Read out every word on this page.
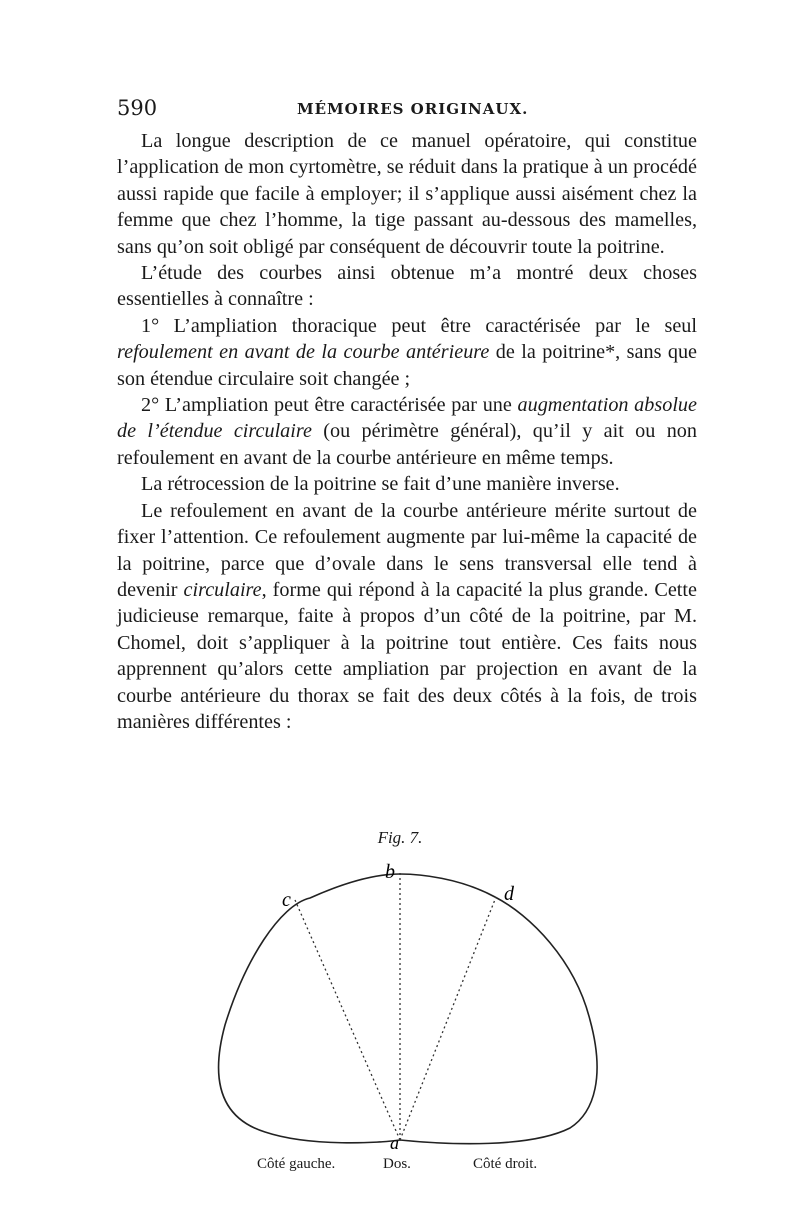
590	MÉMOIRES ORIGINAUX.

La longue description de ce manuel opératoire, qui constitue l’application de mon cyrtomètre, se réduit dans la pratique à un procédé aussi rapide que facile à employer; il s’applique aussi aisément chez la femme que chez l’homme, la tige passant au-dessous des mamelles, sans qu’on soit obligé par conséquent de découvrir toute la poitrine.

L’étude des courbes ainsi obtenue m’a montré deux choses essentielles à connaître :

1° L’ampliation thoracique peut être caractérisée par le seul refoulement en avant de la courbe antérieure de la poitrine*, sans que son étendue circulaire soit changée ;

2° L’ampliation peut être caractérisée par une augmentation absolue de l’étendue circulaire (ou périmètre général), qu’il y ait ou non refoulement en avant de la courbe antérieure en même temps.

La rétrocession de la poitrine se fait d’une manière inverse.

Le refoulement en avant de la courbe antérieure mérite surtout de fixer l’attention. Ce refoulement augmente par lui-même la capacité de la poitrine, parce que d’ovale dans le sens transversal elle tend à devenir circulaire, forme qui répond à la capacité la plus grande. Cette judicieuse remarque, faite à propos d’un côté de la poitrine, par M. Chomel, doit s’appliquer à la poitrine tout entière. Ces faits nous apprennent qu’alors cette ampliation par projection en avant de la courbe antérieure du thorax se fait des deux côtés à la fois, de trois manières différentes :

Fig. 7.
b
c	d
a
Côté gauche.	Dos.	Côté droit.
